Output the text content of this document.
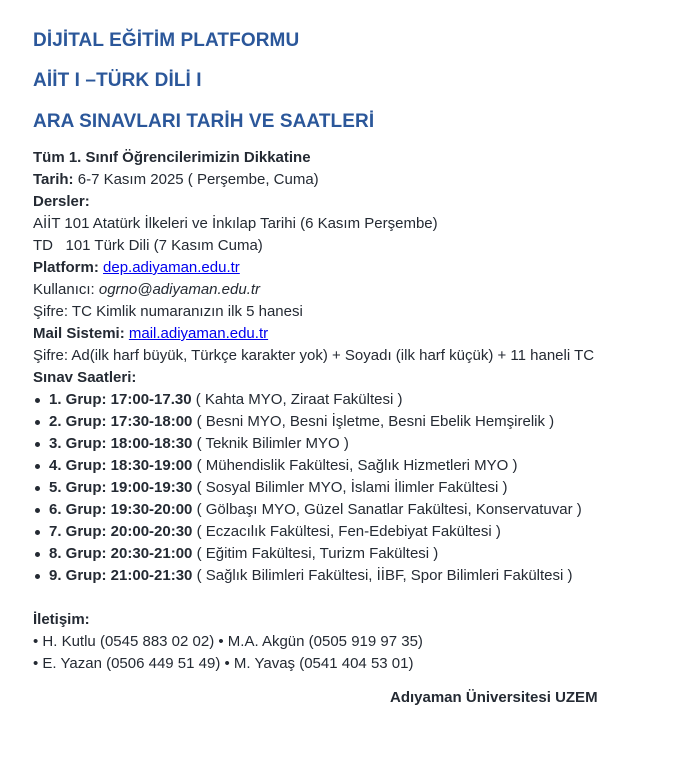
DİJİTAL EĞİTİM PLATFORMU
AİİT I –TÜRK DİLİ I
ARA SINAVLARI TARİH VE SAATLERİ
Tüm 1. Sınıf Öğrencilerimizin Dikkatine
Tarih: 6-7 Kasım 2025 ( Perşembe, Cuma)
Dersler:
AİİT 101 Atatürk İlkeleri ve İnkılap Tarihi (6 Kasım Perşembe)
TD   101 Türk Dili (7 Kasım Cuma)
Platform: dep.adiyaman.edu.tr
Kullanıcı: ogrno@adiyaman.edu.tr
Şifre: TC Kimlik numaranızın ilk 5 hanesi
Mail Sistemi: mail.adiyaman.edu.tr
Şifre: Ad(ilk harf büyük, Türkçe karakter yok) + Soyadı (ilk harf küçük) + 11 haneli TC
Sınav Saatleri:
1. Grup: 17:00-17.30 ( Kahta MYO, Ziraat Fakültesi )
2. Grup: 17:30-18:00 ( Besni MYO, Besni İşletme, Besni Ebelik Hemşirelik )
3. Grup: 18:00-18:30 ( Teknik Bilimler MYO )
4. Grup: 18:30-19:00 ( Mühendislik Fakültesi, Sağlık Hizmetleri MYO )
5. Grup: 19:00-19:30 ( Sosyal Bilimler MYO, İslami İlimler Fakültesi )
6. Grup: 19:30-20:00 ( Gölbaşı MYO, Güzel Sanatlar Fakültesi, Konservatuvar )
7. Grup: 20:00-20:30 ( Eczacılık Fakültesi, Fen-Edebiyat Fakültesi )
8. Grup: 20:30-21:00 ( Eğitim Fakültesi, Turizm Fakültesi )
9. Grup: 21:00-21:30 ( Sağlık Bilimleri Fakültesi, İİBF, Spor Bilimleri Fakültesi )
İletişim:
• H. Kutlu (0545 883 02 02) • M.A. Akgün (0505 919 97 35)
• E. Yazan (0506 449 51 49) • M. Yavaş (0541 404 53 01)
Adıyaman Üniversitesi UZEM
